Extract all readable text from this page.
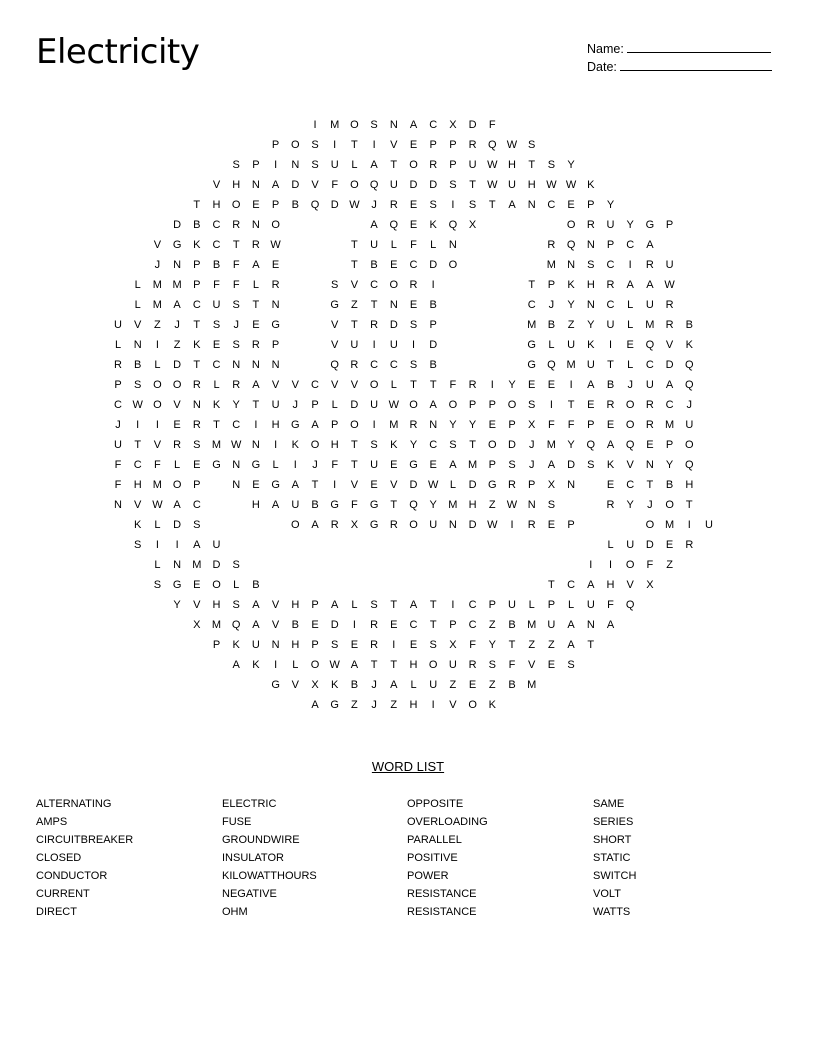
Electricity	Name:
Date:
I	M O	S	N	A	C	X	D	F
P	O	S	I	T	I	V	E	P	P	R Q W S
S	P	I	N	S	U	L	A	T	O R	P	U W H	T	S	Y
V	H N	A	D	V	F	O Q U D D	S	T	W U H W W K
T	H O	E	P	B	Q D W	J	R	E	S	I	S	T	A	N C	E	P	Y
D	B	C R N O	A	Q	E	K	Q	X	O R U	Y	G	P
V	G	K	C	T	R W	T	U	L	F	L	N	R Q N	P	C	A
J	N	P	B	F	A	E	T	B	E	C D O	M N	S	C	I	R U
L	M M	P	F	F	L	R	S	V	C O R	I	T	P	K	H R	A	A W
L	M	A	C U	S	T	N	G	Z	T	N	E	B	C	J	Y	N C	L	U R
U	V	Z	J	T	S	J	E	G	V	T	R D	S	P	M	B	Z	Y	U	L	M R	B
L	N	I	Z	K	E	S	R	P	V	U	I	U	I	D	G	L	U	K	I	E	Q	V	K
R	B	L	D	T	C N N N	Q R C C	S	B	G Q M U	T	L	C D Q
P	S	O O R	L	R	A	V	V	C	V	V	O	L	T	T	F	R	I	Y	E	E	I	A	B	J	U	A	Q
C W O	V	N	K	Y	T	U	J	P	L	D U W O	A	O	P	P	O	S	I	T	E	R O R C	J
J	I	I	E	R	T	C	I	H G	A	P	O	I	M R N	Y	Y	E	P	X	F	F	P	E	O R M U
U	T	V	R	S	M W N	I	K	O H	T	S	K	Y	C	S	T	O D	J	M	Y	Q	A	Q	E	P	O
F	C	F	L	E	G N G	L	I	J	F	T	U	E	G	E	A	M	P	S	J	A	D	S	K	V	N	Y	Q
F	H M O	P	N	E	G	A	T	I	V	E	V	D W	L	D G R	P	X	N	E	C	T	B	H
N	V W A	C	H	A	U	B	G	F	G	T	Q	Y	M H	Z	W N	S	R	Y	J	O	T
K	L	D	S	O	A	R	X	G R O U N D W	I	R	E	P	O M	I	U
S	I	I	A	U	L	U D	E	R
L	N M D	S	I	I	O	F	Z
S	G	E	O	L	B	T	C	A	H	V	X
Y	V	H	S	A	V	H	P	A	L	S	T	A	T	I	C	P	U	L	P	L	U	F	Q
X	M Q	A	V	B	E	D	I	R	E	C	T	P	C	Z	B	M U	A	N	A
P	K	U N H	P	S	E	R	I	E	S	X	F	Y	T	Z	Z	A	T
A	K	I	L	O W A	T	T	H O U R	S	F	V	E	S
G	V	X	K	B	J	A	L	U	Z	E	Z	B	M
A	G	Z	J	Z	H	I	V	O	K
WORD LIST
ALTERNATING
AMPS
CIRCUITBREAKER
CLOSED
CONDUCTOR
CURRENT
DIRECT
ELECTRIC
FUSE
GROUNDWIRE
INSULATOR
KILOWATTHOURS
NEGATIVE
OHM
OPPOSITE
OVERLOADING
PARALLEL
POSITIVE
POWER
RESISTANCE
RESISTANCE
SAME
SERIES
SHORT
STATIC
SWITCH
VOLT
WATTS
